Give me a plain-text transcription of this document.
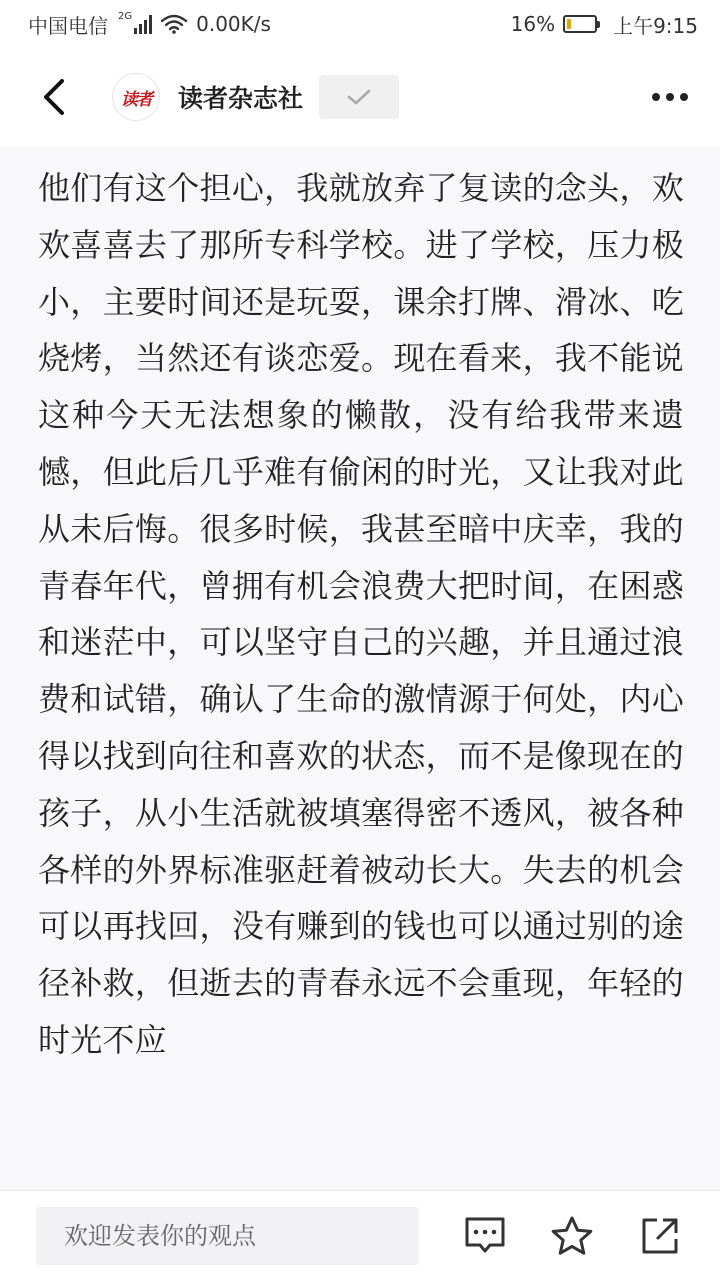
中国电信 2G	0.00K/s	16%	上午9:15
读者 读者杂志社

他们有这个担心，我就放弃了复读的念头，欢欢喜喜去了那所专科学校。进了学校，压力极小，主要时间还是玩耍，课余打牌、滑冰、吃烧烤，当然还有谈恋爱。现在看来，我不能说这种今天无法想象的懒散，没有给我带来遗憾，但此后几乎难有偷闲的时光，又让我对此从未后悔。很多时候，我甚至暗中庆幸，我的青春年代，曾拥有机会浪费大把时间，在困惑和迷茫中，可以坚守自己的兴趣，并且通过浪费和试错，确认了生命的激情源于何处，内心得以找到向往和喜欢的状态，而不是像现在的孩子，从小生活就被填塞得密不透风，被各种各样的外界标准驱赶着被动长大。失去的机会可以再找回，没有赚到的钱也可以通过别的途径补救，但逝去的青春永远不会重现，年轻的时光不应

欢迎发表你的观点
